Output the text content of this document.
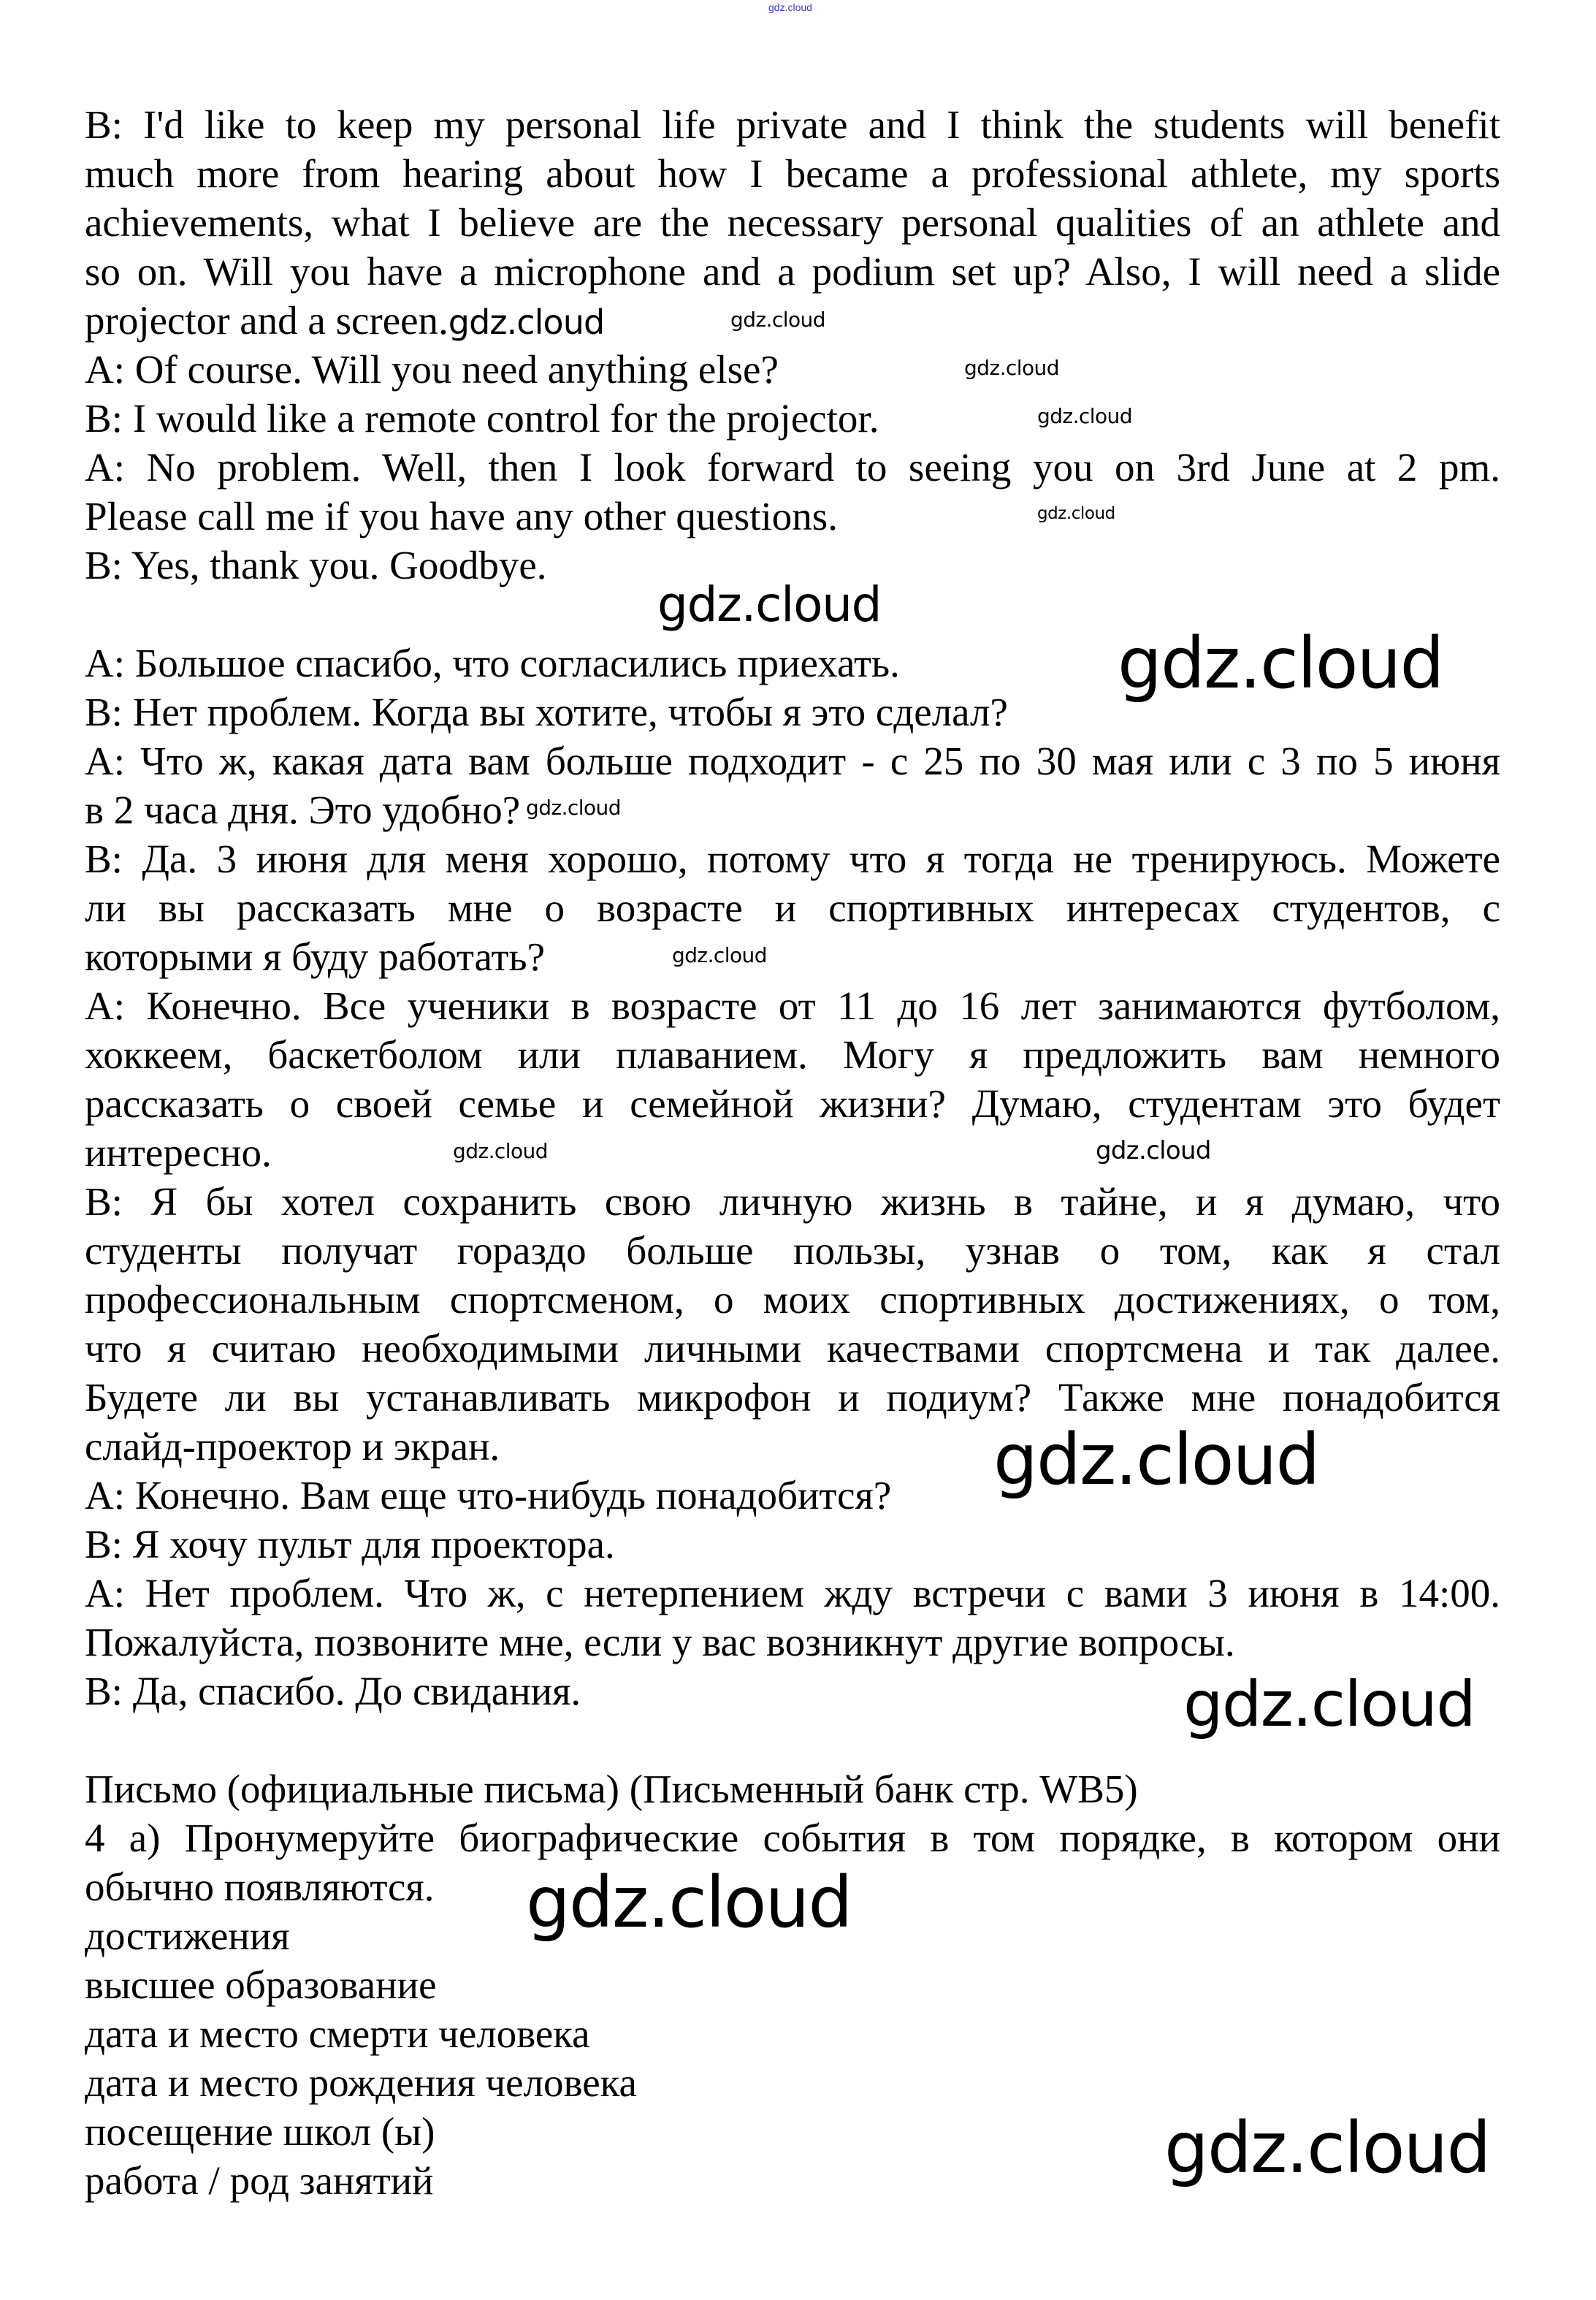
gdz.cloud
B: I'd like to keep my personal life private and I think the students will benefit
much more from hearing about how I became a professional athlete, my sports
achievements, what I believe are the necessary personal qualities of an athlete and
so on. Will you have a microphone and a podium set up? Also, I will need a slide
projector and a screen.gdz.cloud
A: Of course. Will you need anything else?
B: I would like a remote control for the projector.
A: No problem. Well, then I look forward to seeing you on 3rd June at 2 pm.
Please call me if you have any other questions.
B: Yes, thank you. Goodbye.
А: Большое спасибо, что согласились приехать.
В: Нет проблем. Когда вы хотите, чтобы я это сделал?
А: Что ж, какая дата вам больше подходит - с 25 по 30 мая или с 3 по 5 июня
в 2 часа дня. Это удобно?
В: Да. 3 июня для меня хорошо, потому что я тогда не тренируюсь. Можете
ли вы рассказать мне о возрасте и спортивных интересах студентов, с
которыми я буду работать?
А: Конечно. Все ученики в возрасте от 11 до 16 лет занимаются футболом,
хоккеем, баскетболом или плаванием. Могу я предложить вам немного
рассказать о своей семье и семейной жизни? Думаю, студентам это будет
интересно.
В: Я бы хотел сохранить свою личную жизнь в тайне, и я думаю, что
студенты получат гораздо больше пользы, узнав о том, как я стал
профессиональным спортсменом, о моих спортивных достижениях, о том,
что я считаю необходимыми личными качествами спортсмена и так далее.
Будете ли вы устанавливать микрофон и подиум? Также мне понадобится
слайд-проектор и экран.
А: Конечно. Вам еще что-нибудь понадобится?
В: Я хочу пульт для проектора.
А: Нет проблем. Что ж, с нетерпением жду встречи с вами 3 июня в 14:00.
Пожалуйста, позвоните мне, если у вас возникнут другие вопросы.
В: Да, спасибо. До свидания.
Письмо (официальные письма) (Письменный банк стр. WB5)
4 а) Пронумеруйте биографические события в том порядке, в котором они
обычно появляются.
достижения
высшее образование
дата и место смерти человека
дата и место рождения человека
посещение школ (ы)
работа / род занятий
gdz.cloud
gdz.cloud
gdz.cloud
gdz.cloud
gdz.cloud
gdz.cloud
gdz.cloud
gdz.cloud
gdz.cloud	gdz.cloud
gdz.cloud
gdz.cloud
gdz.cloud
gdz.cloud
